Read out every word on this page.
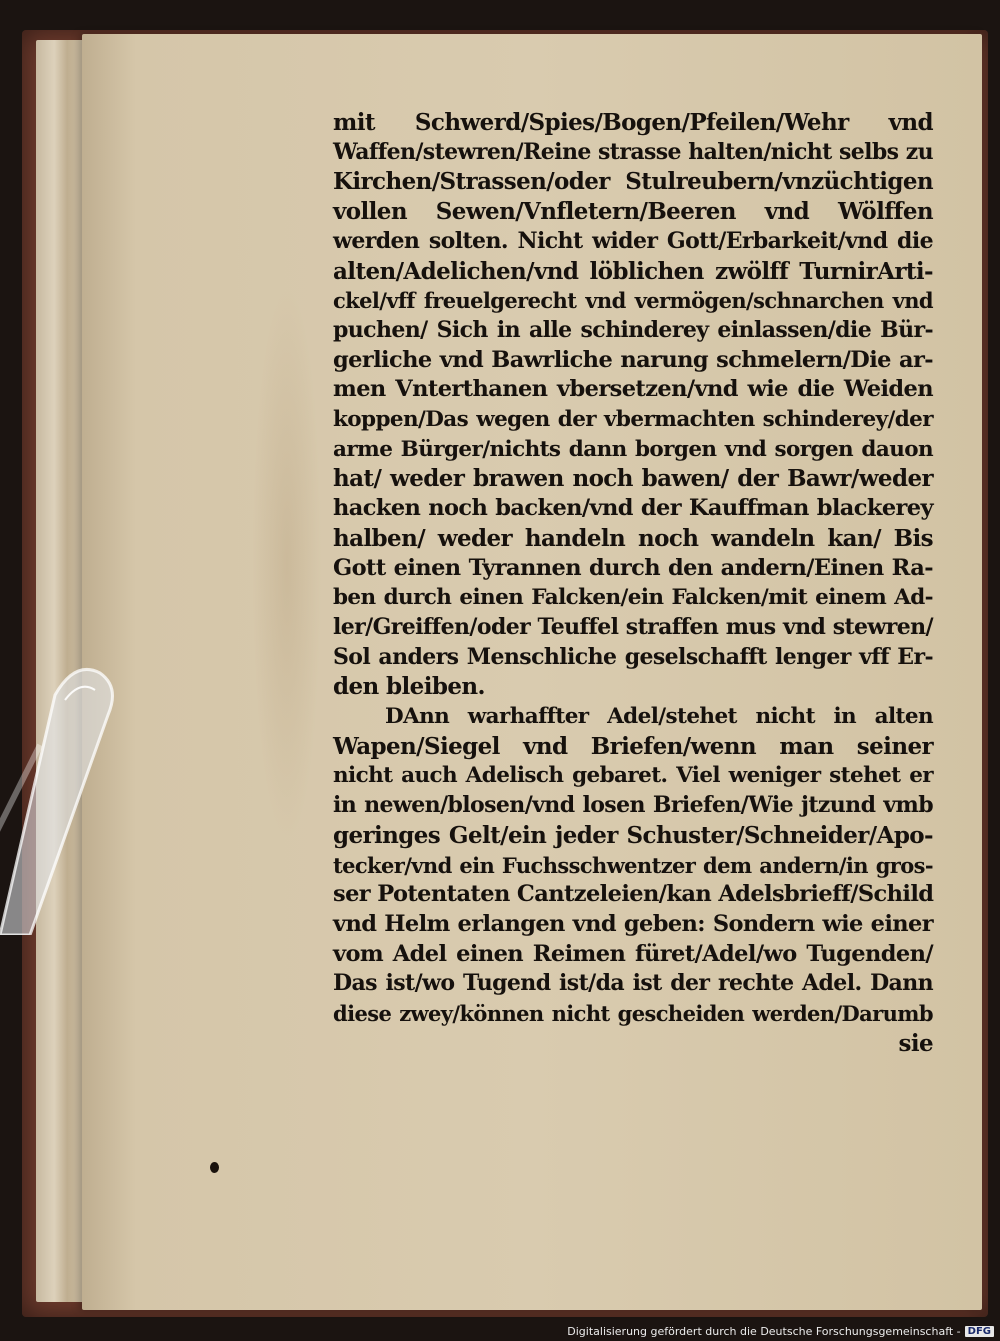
mit Schwerd/Spies/Bogen/Pfeilen/Wehr vnd
Waffen/stewren/Reine strasse halten/nicht selbs zu
Kirchen/Strassen/oder Stulreubern/vnzüchtigen
vollen Sewen/Vnfletern/Beeren vnd Wölffen
werden solten. Nicht wider Gott/Erbarkeit/vnd die
alten/Adelichen/vnd löblichen zwölff TurnirArti-
ckel/vff freuelgerecht vnd vermögen/schnarchen vnd
puchen/ Sich in alle schinderey einlassen/die Bür-
gerliche vnd Bawrliche narung schmelern/Die ar-
men Vnterthanen vbersetzen/vnd wie die Weiden
koppen/Das wegen der vbermachten schinderey/der
arme Bürger/nichts dann borgen vnd sorgen dauon
hat/ weder brawen noch bawen/ der Bawr/weder
hacken noch backen/vnd der Kauffman blackerey
halben/ weder handeln noch wandeln kan/ Bis
Gott einen Tyrannen durch den andern/Einen Ra-
ben durch einen Falcken/ein Falcken/mit einem Ad-
ler/Greiffen/oder Teuffel straffen mus vnd stewren/
Sol anders Menschliche geselschafft lenger vff Er-
den bleiben.
DAnn warhaffter Adel/stehet nicht in alten
Wapen/Siegel vnd Briefen/wenn man seiner
nicht auch Adelisch gebaret. Viel weniger stehet er
in newen/blosen/vnd losen Briefen/Wie jtzund vmb
geringes Gelt/ein jeder Schuster/Schneider/Apo-
tecker/vnd ein Fuchsschwentzer dem andern/in gros-
ser Potentaten Cantzeleien/kan Adelsbrieff/Schild
vnd Helm erlangen vnd geben: Sondern wie einer
vom Adel einen Reimen füret/Adel/wo Tugenden/
Das ist/wo Tugend ist/da ist der rechte Adel. Dann
diese zwey/können nicht gescheiden werden/Darumb
sie
Digitalisierung gefördert durch die Deutsche Forschungsgemeinschaft - DFG
